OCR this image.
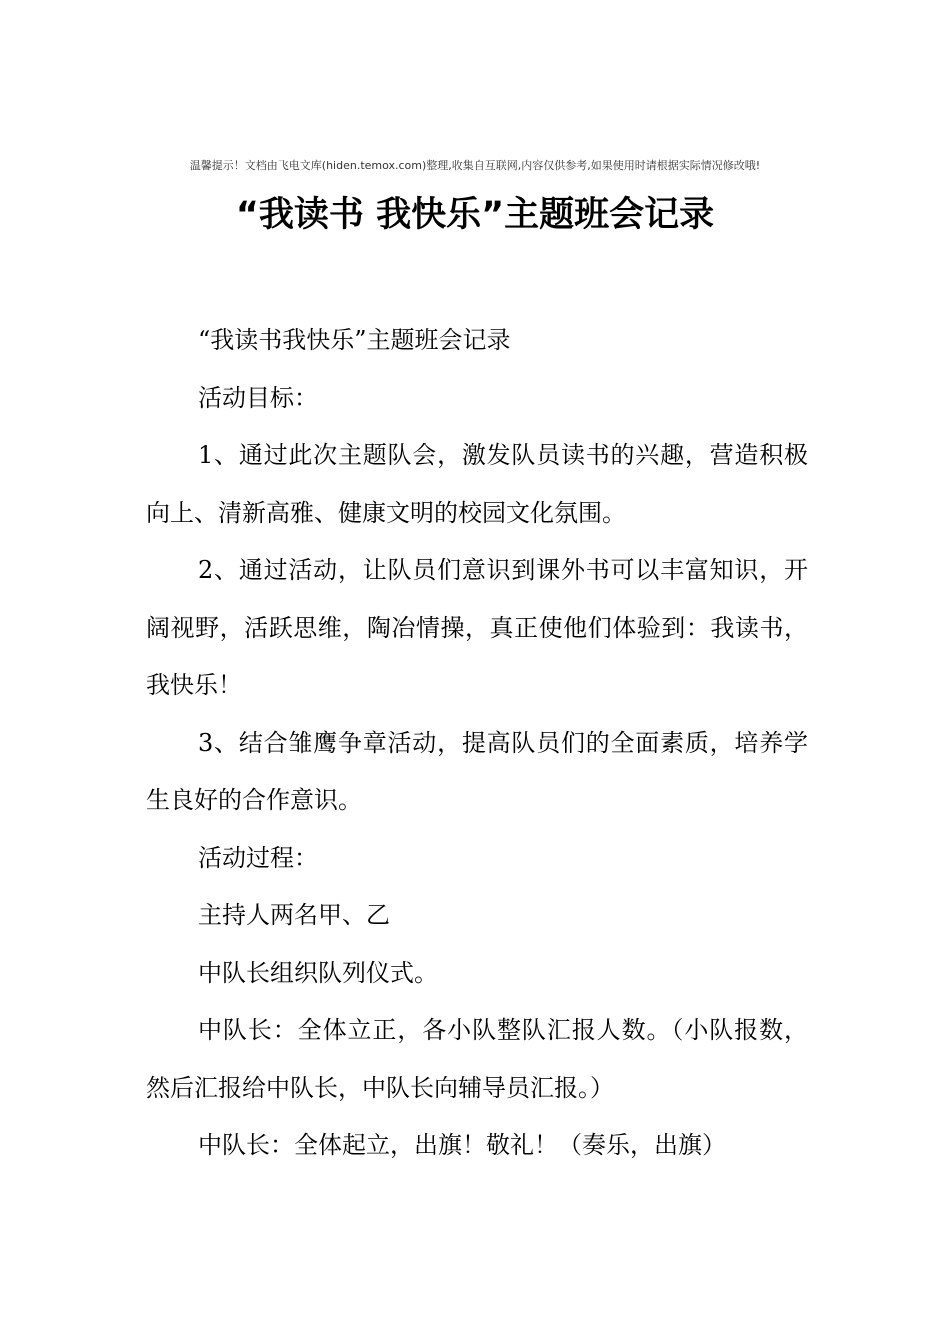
温馨提示！文档由飞电文库(hiden.temox.com)整理,收集自互联网,内容仅供参考,如果使用时请根据实际情况修改哦!
“我读书 我快乐”主题班会记录

“我读书我快乐”主题班会记录

活动目标：

1、通过此次主题队会，激发队员读书的兴趣，营造积极向上、清新高雅、健康文明的校园文化氛围。

2、通过活动，让队员们意识到课外书可以丰富知识，开阔视野，活跃思维，陶冶情操，真正使他们体验到：我读书，我快乐！

3、结合雏鹰争章活动，提高队员们的全面素质，培养学生良好的合作意识。

活动过程：

主持人两名甲、乙

中队长组织队列仪式。

中队长：全体立正，各小队整队汇报人数。（小队报数，然后汇报给中队长，中队长向辅导员汇报。）

中队长：全体起立，出旗！敬礼！（奏乐，出旗）
